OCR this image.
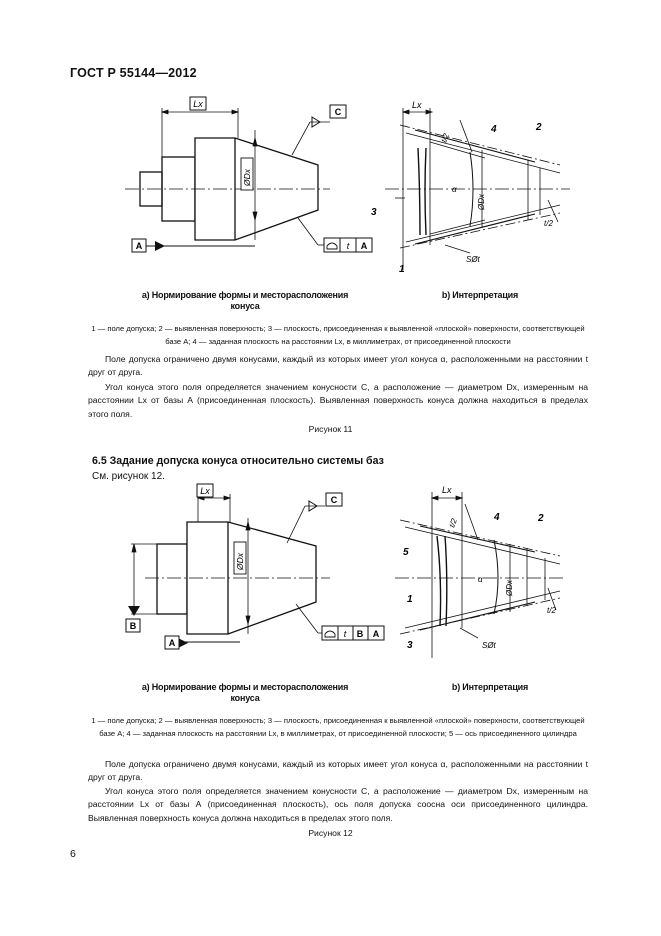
ГОСТ Р 55144—2012
Lx
C
ØDx
A	t A
Lx
4	2
3
1
t/2
t/2
α
ØDx
SØt
а) Нормирование формы и месторасположения конуса
b) Интерпретация
1 — поле допуска; 2 — выявленная поверхность; 3 — плоскость, присоединенная к выявленной «плоской» поверхности, соответствующей базе А; 4 — заданная плоскость на расстоянии Lx, в миллиметрах, от присоединенной плоскости
Поле допуска ограничено двумя конусами, каждый из которых имеет угол конуса α, расположенными на расстоянии t друг от друга.
Угол конуса этого поля определяется значением конусности C, а расположение — диаметром Dx, измеренным на расстоянии Lx от базы А (присоединенная плоскость). Выявленная поверхность конуса должна находиться в пределах этого поля.
Рисунок 11
6.5 Задание допуска конуса относительно системы баз
См. рисунок 12.
Lx
C
ØDx
B
A
t B A
Lx
4	2
5
1
3
t/2
t/2
α
ØDx
SØt
а) Нормирование формы и месторасположения конуса
b) Интерпретация
1 — поле допуска; 2 — выявленная поверхность; 3 — плоскость, присоединенная к выявленной «плоской» поверхности, соответствующей базе А; 4 — заданная плоскость на расстоянии Lx, в миллиметрах, от присоединенной плоскости; 5 — ось присоединенного цилиндра
Поле допуска ограничено двумя конусами, каждый из которых имеет угол конуса α, расположенными на расстоянии t друг от друга.
Угол конуса этого поля определяется значением конусности C, а расположение — диаметром Dx, измеренным на расстоянии Lx от базы А (присоединенная плоскость), ось поля допуска соосна оси присоединенного цилиндра. Выявленная поверхность конуса должна находиться в пределах этого поля.
Рисунок 12
6
